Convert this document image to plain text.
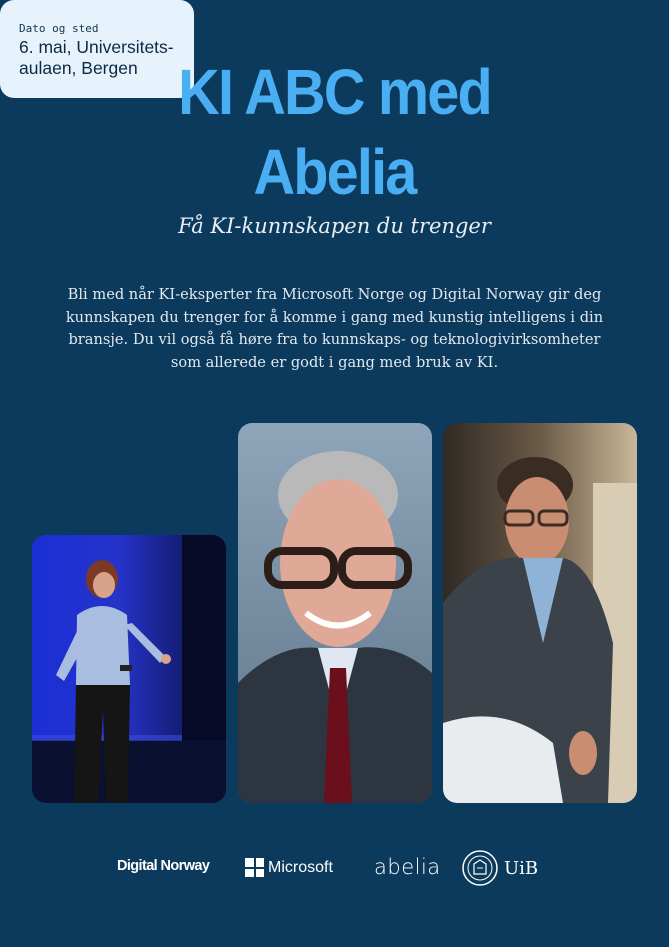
KI ABC med
Abelia
Få KI-kunnskapen du trenger
Bli med når KI-eksperter fra Microsoft Norge og Digital Norway gir deg kunnskapen du trenger for å komme i gang med kunstig intelligens i din bransje. Du vil også få høre fra to kunnskaps- og teknologivirksomheter som allerede er godt i gang med bruk av KI.
Dato og sted
6. mai, Universitets-aulaen, Bergen
Digital Norway	Microsoft abelia	UiB
